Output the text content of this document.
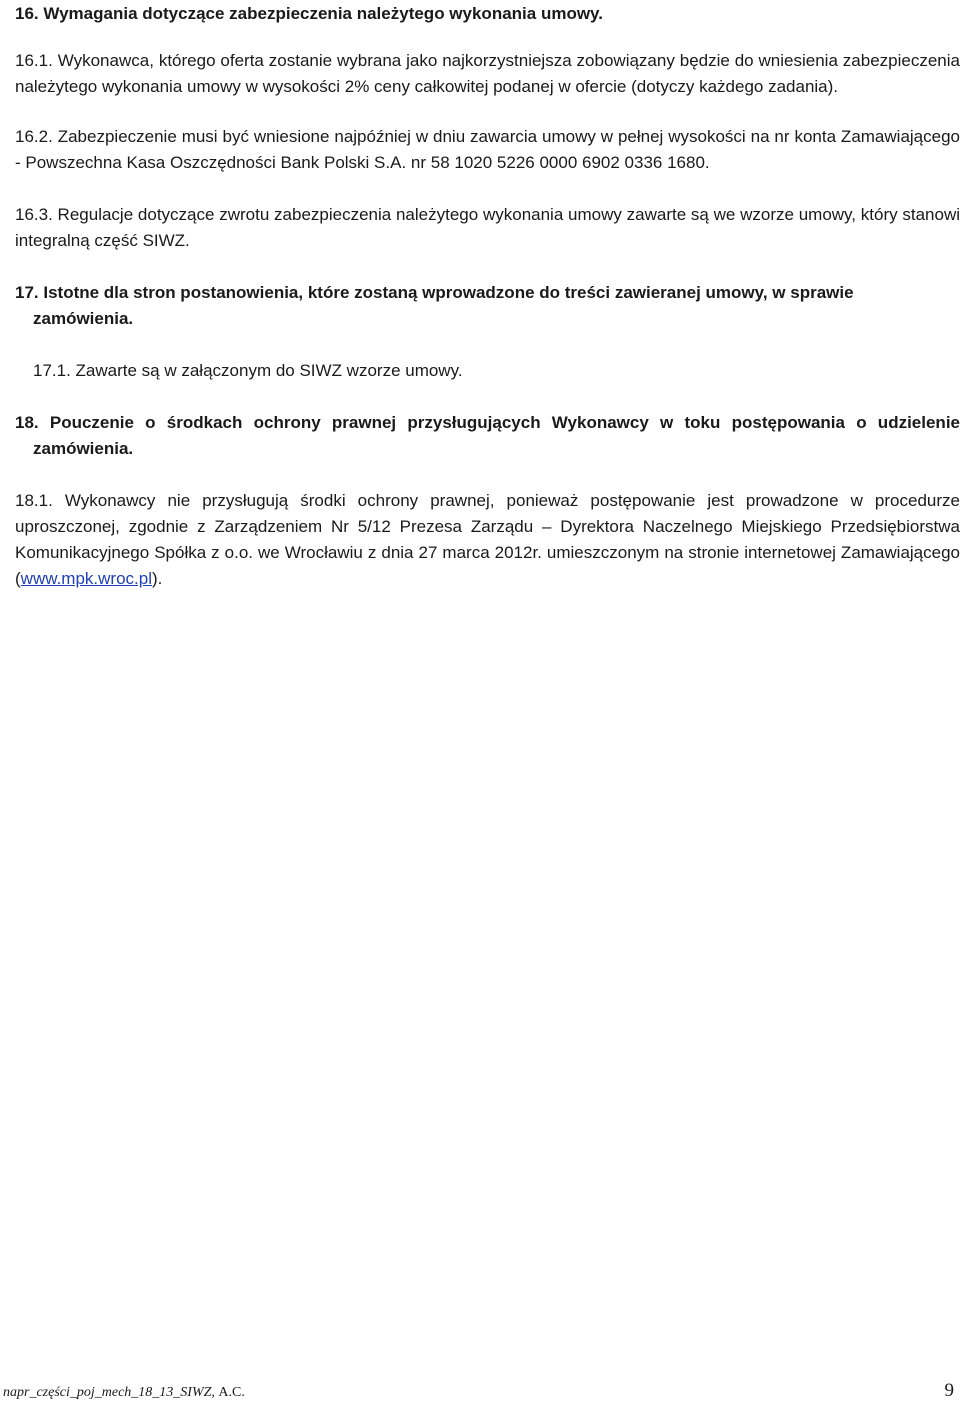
16. Wymagania dotyczące zabezpieczenia należytego wykonania umowy.

16.1. Wykonawca, którego oferta zostanie wybrana jako najkorzystniejsza zobowiązany będzie do wniesienia zabezpieczenia należytego wykonania umowy w wysokości 2% ceny całkowitej podanej w ofercie (dotyczy każdego zadania).

16.2. Zabezpieczenie musi być wniesione najpóźniej w dniu zawarcia umowy w pełnej wysokości na nr konta Zamawiającego - Powszechna Kasa Oszczędności Bank Polski S.A. nr 58 1020 5226 0000 6902 0336 1680.

16.3. Regulacje dotyczące zwrotu zabezpieczenia należytego wykonania umowy zawarte są we wzorze umowy, który stanowi integralną część SIWZ.

17. Istotne dla stron postanowienia, które zostaną wprowadzone do treści zawieranej umowy, w sprawie

zamówienia.

17.1. Zawarte są w załączonym do SIWZ wzorze umowy.

18. Pouczenie o środkach ochrony prawnej przysługujących Wykonawcy w toku postępowania o udzielenie

zamówienia.

18.1. Wykonawcy nie przysługują środki ochrony prawnej, ponieważ postępowanie jest prowadzone w procedurze uproszczonej, zgodnie z Zarządzeniem Nr 5/12 Prezesa Zarządu – Dyrektora Naczelnego Miejskiego Przedsiębiorstwa Komunikacyjnego Spółka z o.o. we Wrocławiu z dnia 27 marca 2012r. umieszczonym na stronie internetowej Zamawiającego (www.mpk.wroc.pl).

napr_części_poj_mech_18_13_SIWZ, A.C.	9
